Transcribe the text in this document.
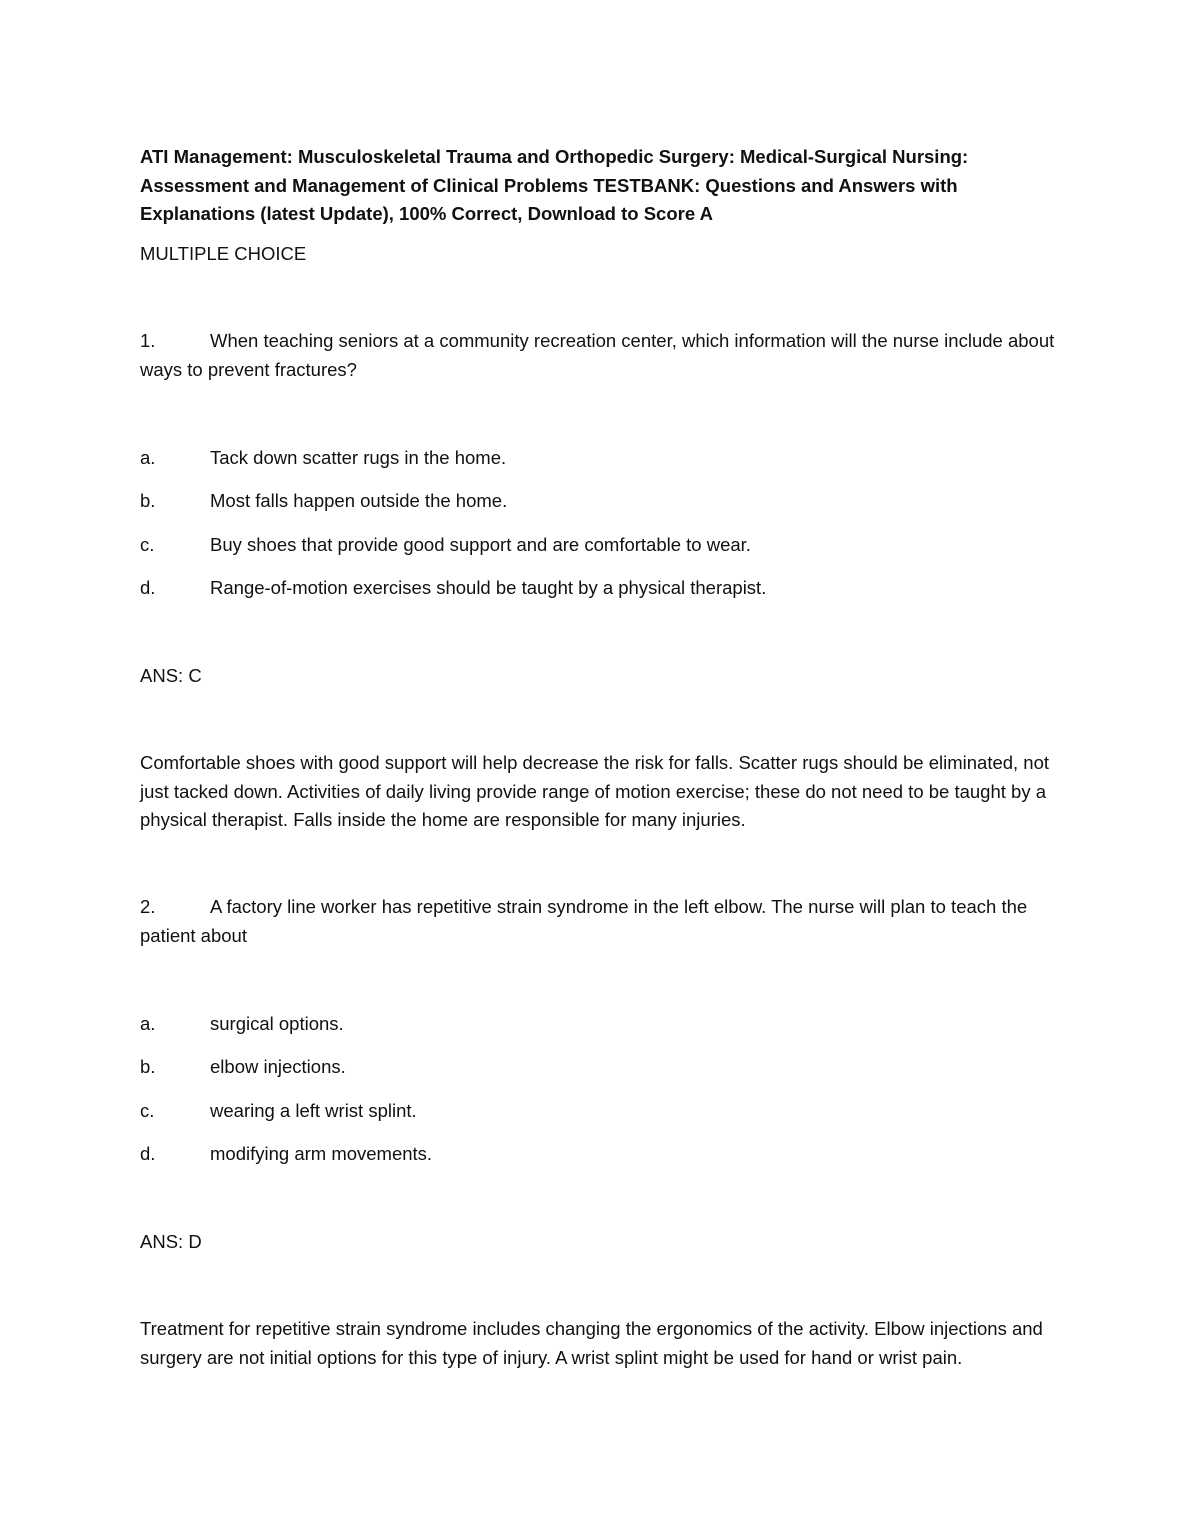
ATI Management: Musculoskeletal Trauma and Orthopedic Surgery: Medical-Surgical Nursing: Assessment and Management of Clinical Problems TESTBANK: Questions and Answers with Explanations (latest Update), 100% Correct, Download to Score A

MULTIPLE CHOICE

1.	When teaching seniors at a community recreation center, which information will the nurse include about ways to prevent fractures?

a.	Tack down scatter rugs in the home.
b.	Most falls happen outside the home.
c.	Buy shoes that provide good support and are comfortable to wear.
d.	Range-of-motion exercises should be taught by a physical therapist.

ANS: C

Comfortable shoes with good support will help decrease the risk for falls. Scatter rugs should be eliminated, not just tacked down. Activities of daily living provide range of motion exercise; these do not need to be taught by a physical therapist. Falls inside the home are responsible for many injuries.

2.	A factory line worker has repetitive strain syndrome in the left elbow. The nurse will plan to teach the patient about

a.	surgical options.
b.	elbow injections.
c.	wearing a left wrist splint.
d.	modifying arm movements.

ANS: D

Treatment for repetitive strain syndrome includes changing the ergonomics of the activity. Elbow injections and surgery are not initial options for this type of injury. A wrist splint might be used for hand or wrist pain.
